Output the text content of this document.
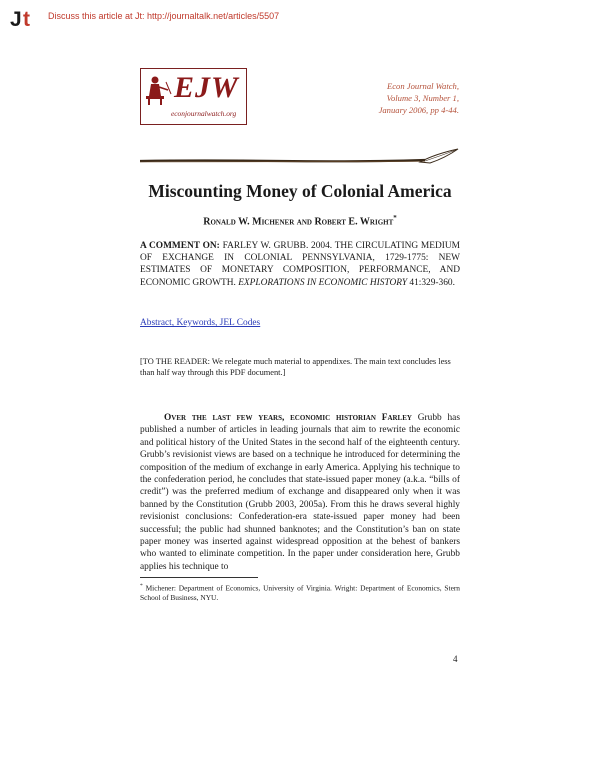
J t Discuss this article at Jt: http://journaltalk.net/articles/5507
EJW
econjournalwatch.org
Econ Journal Watch,
Volume 3, Number 1,
January 2006, pp 4-44.
Miscounting Money of Colonial America
Ronald W. Michener and Robert E. Wright*
A COMMENT ON: FARLEY W. GRUBB. 2004. THE CIRCULATING MEDIUM OF EXCHANGE IN COLONIAL PENNSYLVANIA, 1729-1775: NEW ESTIMATES OF MONETARY COMPOSITION, PERFORMANCE, AND ECONOMIC GROWTH. EXPLORATIONS IN ECONOMIC HISTORY 41:329-360.
Abstract, Keywords, JEL Codes
[TO THE READER: We relegate much material to appendixes. The main text concludes less than half way through this PDF document.]

Over the last few years, economic historian Farley Grubb has published a number of articles in leading journals that aim to rewrite the economic and political history of the United States in the second half of the eighteenth century. Grubb’s revisionist views are based on a technique he introduced for determining the composition of the medium of exchange in early America. Applying his technique to the confederation period, he concludes that state-issued paper money (a.k.a. “bills of credit”) was the preferred medium of exchange and disappeared only when it was banned by the Constitution (Grubb 2003, 2005a). From this he draws several highly revisionist conclusions: Confederation-era state-issued paper money had been successful; the public had shunned banknotes; and the Constitution’s ban on state paper money was inserted against widespread opposition at the behest of bankers who wanted to eliminate competition. In the paper under consideration here, Grubb applies his technique to

* Michener: Department of Economics, University of Virginia. Wright: Department of Economics, Stern School of Business, NYU.
4
